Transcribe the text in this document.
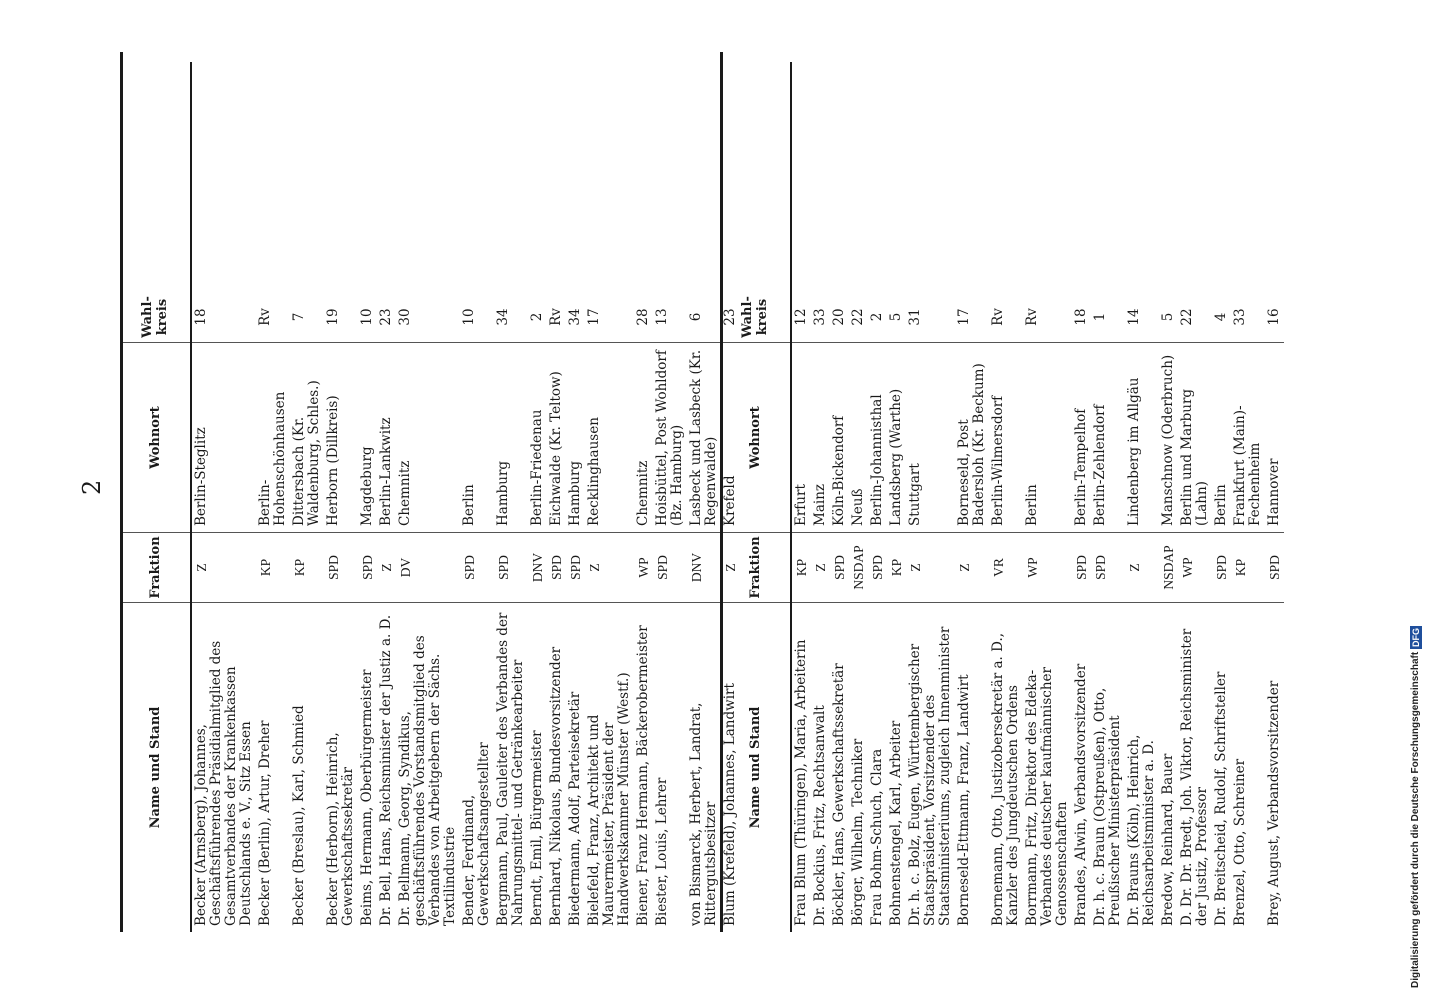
2
Name und Stand
Fraktion
Wohnort
Wahl-kreis
Becker (Arnsberg), Johannes, Geschäftsführendes Präsidialmitglied des Gesamtverbandes der Krankenkassen Deutschlands e. V., Sitz Essen
Z
Berlin-Steglitz
18
Becker (Berlin), Artur, Dreher
KP
Berlin-Hohenschönhausen
Rv
Becker (Breslau), Karl, Schmied
KP
Dittersbach (Kr. Waldenburg, Schles.)
7
Becker (Herborn), Heinrich, Gewerkschaftssekretär
SPD
Herborn (Dillkreis)
19
Beims, Hermann, Oberbürgermeister
SPD
Magdeburg
10
Dr. Bell, Hans, Reichsminister der Justiz a. D.
Z
Berlin-Lankwitz
23
Dr. Bellmann, Georg, Syndikus, geschäftsführendes Vorstandsmitglied des Verbandes von Arbeitgebern der Sächs. Textilindustrie
DV
Chemnitz
30
Bender, Ferdinand, Gewerkschaftsangestellter
SPD
Berlin
10
Bergmann, Paul, Gauleiter des Verbandes der Nahrungsmittel- und Getränkearbeiter
SPD
Hamburg
34
Berndt, Emil, Bürgermeister
DNV
Berlin-Friedenau
2
Bernhard, Nikolaus, Bundesvorsitzender
SPD
Eichwalde (Kr. Teltow)
Rv
Biedermann, Adolf, Parteisekretär
SPD
Hamburg
34
Bielefeld, Franz, Architekt und Maurermeister, Präsident der Handwerkskammer Münster (Westf.)
Z
Recklinghausen
17
Biener, Franz Hermann, Bäckerobermeister
WP
Chemnitz
28
Biester, Louis, Lehrer
SPD
Hoisbüttel, Post Wohldorf (Bz. Hamburg)
13
von Bismarck, Herbert, Landrat, Rittergutsbesitzer
DNV
Lasbeck und Lasbeck (Kr. Regenwalde)
6
Blum (Krefeld), Johannes, Landwirt
Z
Krefeld
23
Name und Stand
Fraktion
Wohnort
Wahl-kreis
Frau Blum (Thüringen), Maria, Arbeiterin
KP
Erfurt
12
Dr. Bockius, Fritz, Rechtsanwalt
Z
Mainz
33
Böckler, Hans, Gewerkschaftssekretär
SPD
Köln-Bickendorf
20
Börger, Wilhelm, Techniker
NSDAP
Neuß
22
Frau Bohm-Schuch, Clara
SPD
Berlin-Johannisthal
2
Bohnenstengel, Karl, Arbeiter
KP
Landsberg (Warthe)
5
Dr. h. c. Bolz, Eugen, Württembergischer Staatspräsident, Vorsitzender des Staatsministeriums, zugleich Innenminister
Z
Stuttgart
31
Borneseld-Ettmann, Franz, Landwirt
Z
Borneseld, Post Badersloh (Kr. Beckum)
17
Bornemann, Otto, Justizobersekretär a. D., Kanzler des Jungdeutschen Ordens
VR
Berlin-Wilmersdorf
Rv
Borrmann, Fritz, Direktor des Edeka-Verbandes deutscher kaufmännischer Genossenschaften
WP
Berlin
Rv
Brandes, Alwin, Verbandsvorsitzender
SPD
Berlin-Tempelhof
18
Dr. h. c. Braun (Ostpreußen), Otto, Preußischer Ministerpräsident
SPD
Berlin-Zehlendorf
1
Dr. Brauns (Köln), Heinrich, Reichsarbeitsminister a. D.
Z
Lindenberg im Allgäu
14
Bredow, Reinhard, Bauer
NSDAP
Manschnow (Oderbruch)
5
D. Dr. Dr. Bredt, Joh. Viktor, Reichsminister der Justiz, Professor
WP
Berlin und Marburg (Lahn)
22
Dr. Breitscheid, Rudolf, Schriftsteller
SPD
Berlin
4
Brenzel, Otto, Schreiner
KP
Frankfurt (Main)-Fechenheim
33
Brey, August, Verbandsvorsitzender
SPD
Hannover
16
Digitalisierung gefördert durch die Deutsche Forschungsgemeinschaft DFG
